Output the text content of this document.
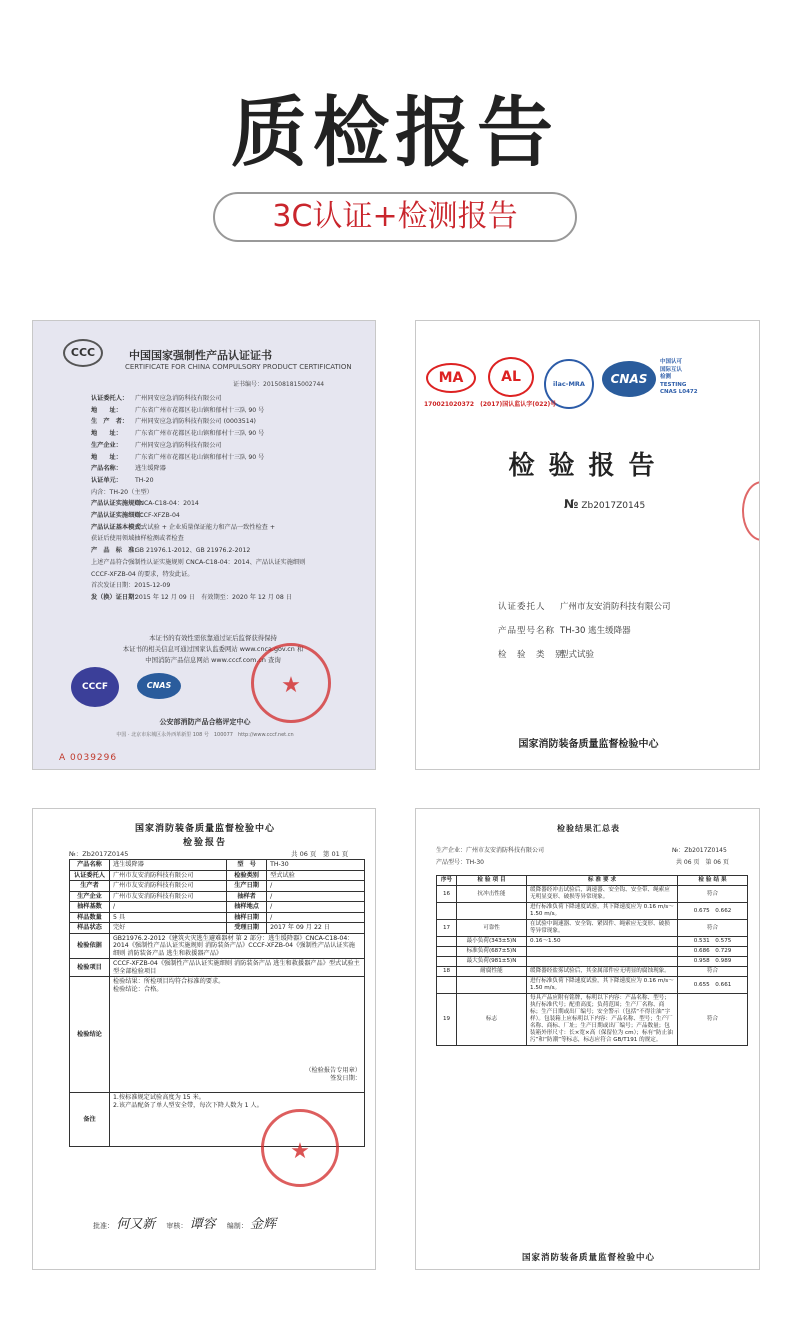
质检报告
3C认证+检测报告
CCC	中国国家强制性产品认证证书
CERTIFICATE FOR CHINA COMPULSORY PRODUCT CERTIFICATION
证书编号：2015081815002744
认证委托人： 广州同安应急消防科技有限公司
地　　址： 广东省广州市花都区花山镇和郁村十三队 90 号
生　产　者： 广州同安应急消防科技有限公司 (0003514)
地　　址： 广东省广州市花都区花山镇和郁村十三队 90 号
生产企业： 广州同安应急消防科技有限公司
地　　址： 广东省广州市花都区花山镇和郁村十三队 90 号
产品名称： 逃生缓降器
认证单元： TH-20
内含：TH-20（主型）
产品认证实施规则：CNCA-C18-04：2014
产品认证实施细则：CCCF-XFZB-04
产品认证基本模式：型式试验 + 企业质量保证能力和产品一致性检查 +
获证后使用领域抽样检测或者检查
产　品　标　准：GB 21976.1-2012、GB 21976.2-2012
上述产品符合强制性认证实施规则 CNCA-C18-04：2014、产品认证实施细则
CCCF-XFZB-04 的要求，特发此证。
首次发证日期：2015-12-09
发（换）证日期：2015 年 12 月 09 日　有效期至：2020 年 12 月 08 日
本证书的有效性需依靠通过证后监督获得保持
本证书的相关信息可通过国家认监委网站 www.cnca.gov.cn 和
中国消防产品信息网站 www.cccf.com.cn 查询
CCCF	CNAS	★
公安部消防产品合格评定中心
中国 · 北京市东城区永外西革新里 108 号　100077　http://www.cccf.net.cn
A 0039296
MA	AL	ilac-MRA	CNAS
中国认可
国际互认
检测
TESTING
CNAS L0472
170021020372　(2017)国认监认字(022)号
检验报告
№ Zb2017Z0145
认证委托人 广州市友安消防科技有限公司
产品型号名称 TH-30 逃生缓降器
检　验　类　别型式试验
国家消防装备质量监督检验中心
国家消防装备质量监督检验中心
检验报告
№：Zb2017Z0145	共 06 页　第 01 页
产品名称	逃生缓降器	型　号	TH-30
认证委托人	广州市友安消防科技有限公司	检验类别	型式试验
生产者	广州市友安消防科技有限公司	生产日期	/
生产企业	广州市友安消防科技有限公司	抽样者	/
抽样基数	/	抽样地点	/
样品数量	5 具	抽样日期	/
样品状态	完好	受理日期	2017 年 09 月 22 日
检验依据	GB21976.2-2012《建筑火灾逃生避难器材 第 2 部分：逃生缓降器》CNCA-C18-04：2014《强制性产品认证实施规则 消防装备产品》CCCF-XFZB-04《强制性产品认证实施细则 消防装备产品 逃生和救援器产品》		
检验项目	CCCF-XFZB-04《强制性产品认证实施细则 消防装备产品 逃生和救援器产品》型式试验主型全部检验项目		
检验结论	检验结果：所检项目均符合标准的要求。
检验结论：合格。
（检验报告专用章）
签发日期：		

备注	1.按标准规定试验高度为 15 米。
2.该产品配备了单人型安全带，每次下降人数为 1 人。		
★
批准： 何又新 审核： 谭容 编制： 金辉
检验结果汇总表
生产企业：广州市友安消防科技有限公司	№：Zb2017Z0145
产品型号：TH-30	共 06 页　第 06 页
序号	检 验 项 目	标 准 要 求	检 验 结 果
16	抗冲击性能	缓降器经冲击试验后，调速器、安全钩、安全带、绳索应无明显变形、破损等异常现象。	符合
		进行标准负荷下降速度试验，其下降速度应为 0.16 m/s～1.50 m/s。	0.675　0.662
17	可靠性	在试验中调速器、安全钩、紧固件、绳索应无变形、破损等异常现象。	符合
	最小负荷(343±5)N	0.16～1.50	0.531　0.575
	标准负荷(687±5)N		0.686　0.729
	最大负荷(981±5)N		0.958　0.989
18	耐腐性能	缓降器经盐雾试验后，其金属部件应无明显的腐蚀现象。	符合
		进行标准负荷下降速度试验，其下降速度应为 0.16 m/s～1.50 m/s。	0.655　0.661
19	标志	每具产品应附有铭牌，标明以下内容：产品名称、型号；执行标准代号；配重高度；负荷范围；生产厂名称、商标；生产日期或出厂编号；安全警示（包括“不得注油”字样）。包装箱上应标明以下内容：产品名称、型号；生产厂名称、商标、厂址；生产日期或出厂编号；产品数量；包装箱外形尺寸：长×宽×高（保留位为 cm）；标有“防止油污”和“防潮”等标志，标志应符合 GB/T191 的规定。	符合
国家消防装备质量监督检验中心
